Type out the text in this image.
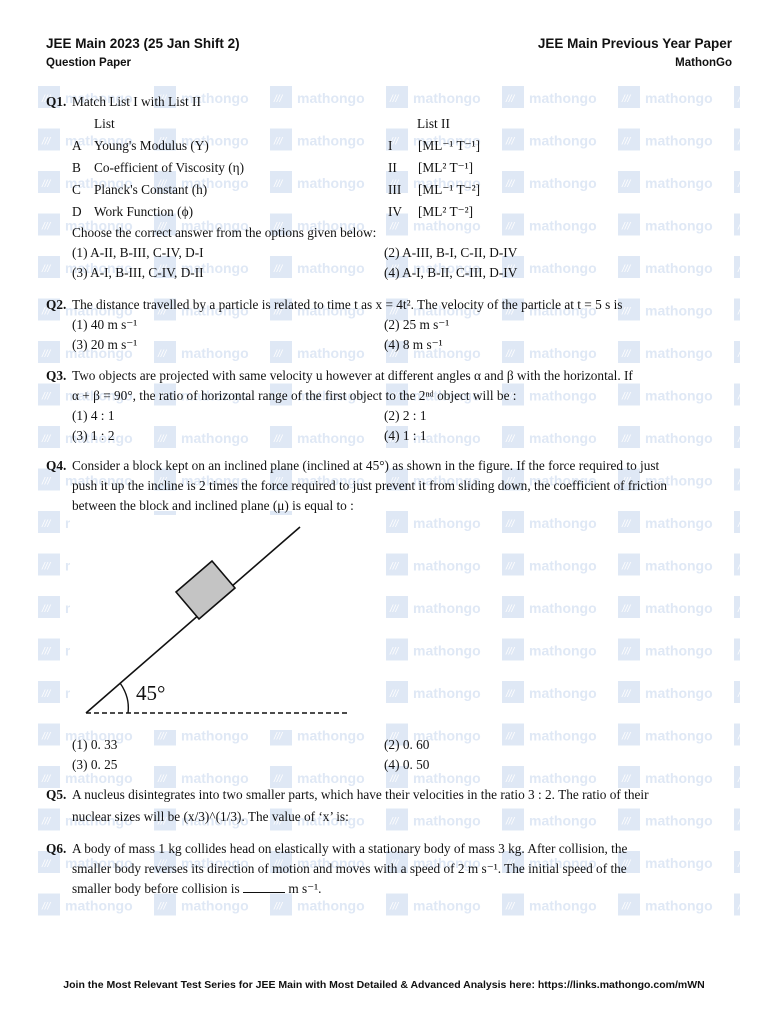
JEE Main 2023 (25 Jan Shift 2)
Question Paper
JEE Main Previous Year Paper
MathonGo
Q1. Match List I with List II
List	List II
A Young's Modulus (Y)	I [ML⁻¹ T⁻¹]
B Co-efficient of Viscosity (η)	II [ML² T⁻¹]
C Planck's Constant (h)	III [ML⁻¹ T⁻²]
D Work Function (ϕ)	IV [ML² T⁻²]
Choose the correct answer from the options given below:
(1) A-II, B-III, C-IV, D-I	(2) A-III, B-I, C-II, D-IV
(3) A-I, B-III, C-IV, D-II	(4) A-I, B-II, C-III, D-IV
Q2. The distance travelled by a particle is related to time t as x = 4t². The velocity of the particle at t = 5 s is
(1) 40 m s⁻¹	(2) 25 m s⁻¹
(3) 20 m s⁻¹	(4) 8 m s⁻¹
Q3. Two objects are projected with same velocity u however at different angles α and β with the horizontal. If
α + β = 90°, the ratio of horizontal range of the first object to the 2ⁿᵈ object will be :
(1) 4 : 1	(2) 2 : 1
(3) 1 : 2	(4) 1 : 1
Q4. Consider a block kept on an inclined plane (inclined at 45°) as shown in the figure. If the force required to just
push it up the incline is 2 times the force required to just prevent it from sliding down, the coefficient of friction
between the block and inclined plane (μ) is equal to :
45°
(1) 0. 33	(2) 0. 60
(3) 0. 25	(4) 0. 50
Q5. A nucleus disintegrates into two smaller parts, which have their velocities in the ratio 3 : 2. The ratio of their
nuclear sizes will be (x/3)^(1/3). The value of ‘x’ is:
Q6. A body of mass 1 kg collides head on elastically with a stationary body of mass 3 kg. After collision, the
smaller body reverses its direction of motion and moves with a speed of 2 m s⁻¹. The initial speed of the
smaller body before collision is	m s⁻¹.
Join the Most Relevant Test Series for JEE Main with Most Detailed & Advanced Analysis here: https://links.mathongo.com/mWN
